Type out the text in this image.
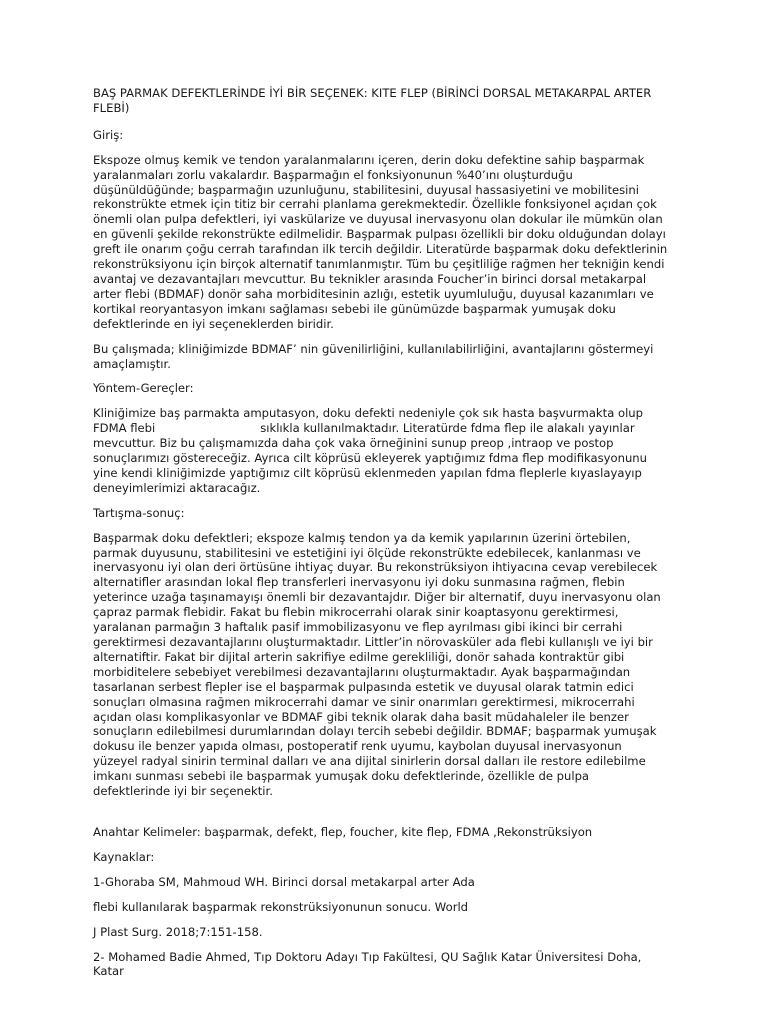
BAŞ PARMAK DEFEKTLERİNDE İYİ BİR SEÇENEK: KITE FLEP (BİRİNCİ DORSAL METAKARPAL ARTER FLEBİ)

Giriş:

Ekspoze olmuş kemik ve tendon yaralanmalarını içeren, derin doku defektine sahip başparmak yaralanmaları zorlu vakalardır. Başparmağın el fonksiyonunun %40’ını oluşturduğu düşünüldüğünde; başparmağın uzunluğunu, stabilitesini, duyusal hassasiyetini ve mobilitesini rekonstrükte etmek için titiz bir cerrahi planlama gerekmektedir. Özellikle fonksiyonel açıdan çok önemli olan pulpa defektleri, iyi vaskülarize ve duyusal inervasyonu olan dokular ile mümkün olan en güvenli şekilde rekonstrükte edilmelidir. Başparmak pulpası özellikli bir doku olduğundan dolayı greft ile onarım çoğu cerrah tarafından ilk tercih değildir. Literatürde başparmak doku defektlerinin rekonstrüksiyonu için birçok alternatif tanımlanmıştır. Tüm bu çeşitliliğe rağmen her tekniğin kendi avantaj ve dezavantajları mevcuttur. Bu teknikler arasında Foucher’in birinci dorsal metakarpal arter flebi (BDMAF) donör saha morbiditesinin azlığı, estetik uyumluluğu, duyusal kazanımları ve kortikal reoryantasyon imkanı sağlaması sebebi ile günümüzde başparmak yumuşak doku defektlerinde en iyi seçeneklerden biridir.

Bu çalışmada; kliniğimizde BDMAF’ nin güvenilirliğini, kullanılabilirliğini, avantajlarını göstermeyi amaçlamıştır.

Yöntem-Gereçler:

Kliniğimize baş parmakta amputasyon, doku defekti nedeniyle çok sık hasta başvurmakta olup FDMA flebi	sıklıkla kullanılmaktadır. Literatürde fdma flep ile alakalı yayınlar mevcuttur. Biz bu çalışmamızda daha çok vaka örneğinini sunup preop ,intraop ve postop sonuçlarımızı göstereceğiz. Ayrıca cilt köprüsü ekleyerek yaptığımız fdma flep modifikasyonunu yine kendi kliniğimizde yaptığımız cilt köprüsü eklenmeden yapılan fdma fleplerle kıyaslayayıp deneyimlerimizi aktaracağız.

Tartışma-sonuç:

Başparmak doku defektleri; ekspoze kalmış tendon ya da kemik yapılarının üzerini örtebilen, parmak duyusunu, stabilitesini ve estetiğini iyi ölçüde rekonstrükte edebilecek, kanlanması ve inervasyonu iyi olan deri örtüsüne ihtiyaç duyar. Bu rekonstrüksiyon ihtiyacına cevap verebilecek alternatifler arasından lokal flep transferleri inervasyonu iyi doku sunmasına rağmen, flebin yeterince uzağa taşınamayışı önemli bir dezavantajdır. Diğer bir alternatif, duyu inervasyonu olan çapraz parmak flebidir. Fakat bu flebin mikrocerrahi olarak sinir koaptasyonu gerektirmesi, yaralanan parmağın 3 haftalık pasif immobilizasyonu ve flep ayrılması gibi ikinci bir cerrahi gerektirmesi dezavantajlarını oluşturmaktadır. Littler’in nörovasküler ada flebi kullanışlı ve iyi bir alternatiftir. Fakat bir dijital arterin sakrifiye edilme gerekliliği, donör sahada kontraktür gibi morbiditelere sebebiyet verebilmesi dezavantajlarını oluşturmaktadır. Ayak başparmağından tasarlanan serbest flepler ise el başparmak pulpasında estetik ve duyusal olarak tatmin edici sonuçları olmasına rağmen mikrocerrahi damar ve sinir onarımları gerektirmesi, mikrocerrahi açıdan olası komplikasyonlar ve BDMAF gibi teknik olarak daha basit müdahaleler ile benzer sonuçların edilebilmesi durumlarından dolayı tercih sebebi değildir. BDMAF; başparmak yumuşak dokusu ile benzer yapıda olması, postoperatif renk uyumu, kaybolan duyusal inervasyonun yüzeyel radyal sinirin terminal dalları ve ana dijital sinirlerin dorsal dalları ile restore edilebilme imkanı sunması sebebi ile başparmak yumuşak doku defektlerinde, özellikle de pulpa defektlerinde iyi bir seçenektir.

Anahtar Kelimeler: başparmak, defekt, flep, foucher, kite flep, FDMA ,Rekonstrüksiyon

Kaynaklar:

1-Ghoraba SM, Mahmoud WH. Birinci dorsal metakarpal arter Ada

flebi kullanılarak başparmak rekonstrüksiyonunun sonucu. World

J Plast Surg. 2018;7:151-158.

2- Mohamed Badie Ahmed, Tıp Doktoru Adayı Tıp Fakültesi, QU Sağlık Katar Üniversitesi Doha, Katar
